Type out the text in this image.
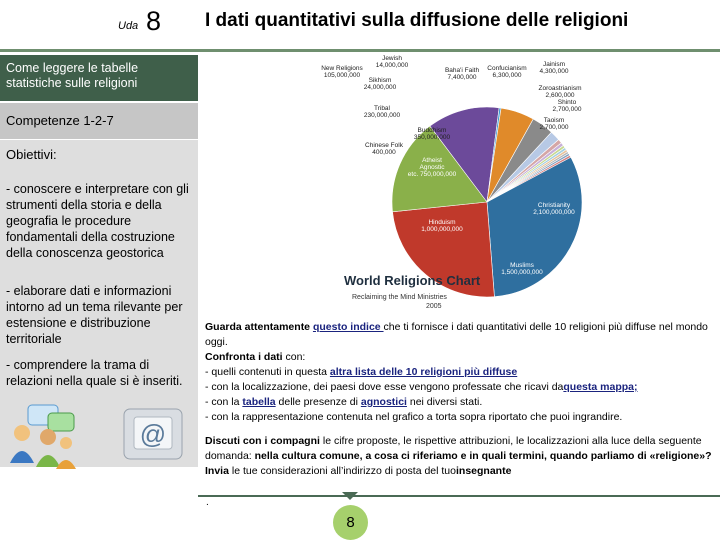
Uda 8 I dati quantitativi sulla diffusione delle religioni
Come leggere le tabelle
statistiche sulle religioni
Competenze 1-2-7
Obiettivi:
- conoscere e interpretare con gli strumenti della storia e della geografia le procedure fondamentali della costruzione della conoscenza geostorica
- elaborare dati e informazioni intorno ad un tema rilevante per estensione e distribuzione territoriale
- comprendere la trama di relazioni nella quale si è inseriti.
@
World Religions Chart
Reclaiming the Mind Ministries
2005
Christianity 2,100,000,000
Muslims 1,500,000,000
Hinduism 1,000,000,000
Atheist Agnostic etc. 750,000,000
Chinese Folk 400,000
Buddhism 350,000,000
Tribal 230,000,000
New Religions 105,000,000
Sikhism 24,000,000
Jewish 14,000,000
Baha'i Faith 7,400,000
Confucianism 6,300,000
Jainism 4,300,000
Zoroastrianism 2,600,000
Shinto 2,700,000
Taoism 2,700,000
Guarda attentamente questo indice che ti fornisce i dati quantitativi delle 10 religioni più diffuse nel mondo oggi.
Confronta i dati con:
- quelli contenuti in questa altra lista delle 10 religioni più diffuse
- con la localizzazione, dei paesi dove esse vengono professate che ricavi daquesta mappa;
- con la tabella delle presenze di agnostici nei diversi stati.
- con la rappresentazione contenuta nel grafico a torta sopra riportato che puoi ingrandire.
Discuti con i compagni le cifre proposte, le rispettive attribuzioni, le localizzazioni alla luce della seguente domanda: nella cultura comune, a cosa ci riferiamo e in quali termini, quando parliamo di «religione»?
Invia le tue considerazioni all’indirizzo di posta del tuoinsegnante
.
8
